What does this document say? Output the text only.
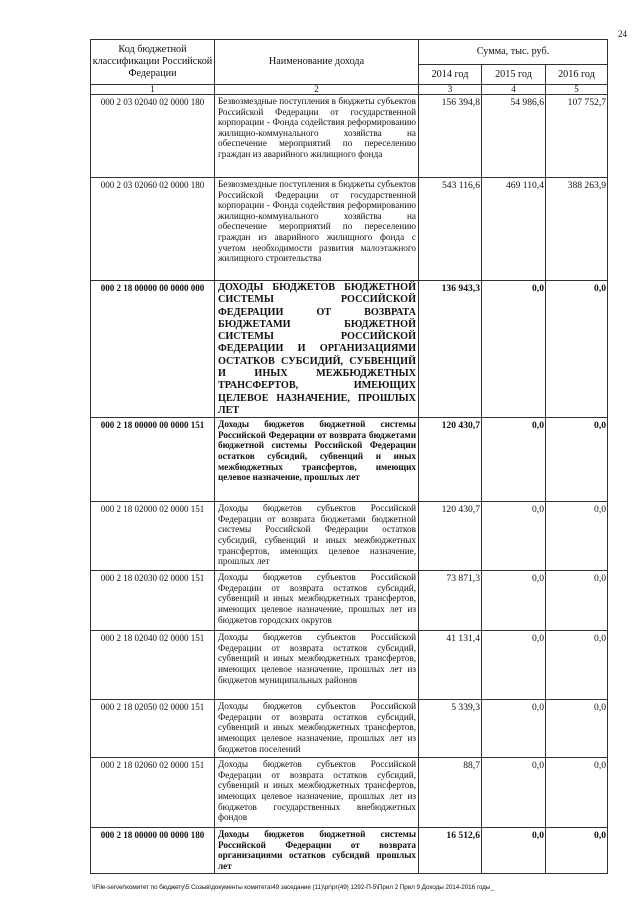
24
Код бюджетной классификации Российской Федерации	Наименование дохода	Сумма, тыс. руб.		
		2014 год	2015 год	2016 год
1	2	3	4	5
000 2 03 02040 02 0000 180	Безвозмездные поступления в бюджеты субъектов Российской Федерации от государственной корпорации - Фонда содействия реформированию жилищно-коммунального хозяйства на обеспечение мероприятий по переселению граждан из аварийного жилищного фонда	156 394,8	54 986,6	107 752,7
000 2 03 02060 02 0000 180	Безвозмездные поступления в бюджеты субъектов Российской Федерации от государственной корпорации - Фонда содействия реформированию жилищно-коммунального хозяйства на обеспечение мероприятий по переселению граждан из аварийного жилищного фонда с учетом необходимости развития малоэтажного жилищного строительства	543 116,6	469 110,4	388 263,9
000 2 18 00000 00 0000 000	ДОХОДЫ БЮДЖЕТОВ БЮДЖЕТНОЙ СИСТЕМЫ РОССИЙСКОЙ ФЕДЕРАЦИИ ОТ ВОЗВРАТА БЮДЖЕТАМИ БЮДЖЕТНОЙ СИСТЕМЫ РОССИЙСКОЙ ФЕДЕРАЦИИ И ОРГАНИЗАЦИЯМИ ОСТАТКОВ СУБСИДИЙ, СУБВЕНЦИЙ И ИНЫХ МЕЖБЮДЖЕТНЫХ ТРАНСФЕРТОВ, ИМЕЮЩИХ ЦЕЛЕВОЕ НАЗНАЧЕНИЕ, ПРОШЛЫХ ЛЕТ	136 943,3	0,0	0,0
000 2 18 00000 00 0000 151	Доходы бюджетов бюджетной системы Российской Федерации от возврата бюджетами бюджетной системы Российской Федерации остатков субсидий, субвенций и иных межбюджетных трансфертов, имеющих целевое назначение, прошлых лет	120 430,7	0,0	0,0
000 2 18 02000 02 0000 151	Доходы бюджетов субъектов Российской Федерации от возврата бюджетами бюджетной системы Российской Федерации остатков субсидий, субвенций и иных межбюджетных трансфертов, имеющих целевое назначение, прошлых лет	120 430,7	0,0	0,0
000 2 18 02030 02 0000 151	Доходы бюджетов субъектов Российской Федерации от возврата остатков субсидий, субвенций и иных межбюджетных трансфертов, имеющих целевое назначение, прошлых лет из бюджетов городских округов	73 871,3	0,0	0,0
000 2 18 02040 02 0000 151	Доходы бюджетов субъектов Российской Федерации от возврата остатков субсидий, субвенций и иных межбюджетных трансфертов, имеющих целевое назначение, прошлых лет из бюджетов муниципальных районов	41 131,4	0,0	0,0
000 2 18 02050 02 0000 151	Доходы бюджетов субъектов Российской Федерации от возврата остатков субсидий, субвенций и иных межбюджетных трансфертов, имеющих целевое назначение, прошлых лет из бюджетов поселений	5 339,3	0,0	0,0
000 2 18 02060 02 0000 151	Доходы бюджетов субъектов Российской Федерации от возврата остатков субсидий, субвенций и иных межбюджетных трансфертов, имеющих целевое назначение, прошлых лет из бюджетов государственных внебюджетных фондов	88,7	0,0	0,0
000 2 18 00000 00 0000 180	Доходы бюджетов бюджетной системы Российской Федерации от возврата организациями остатков субсидий прошлых лет	16 512,6	0,0	0,0
\\File-server\комитет по бюджету\5 Созыв\документы комитета\49 заседание (11)\рг\рг(49) 1292-П-5\Прил 2 Прил 9 Доходы 2014-2016 годы_
